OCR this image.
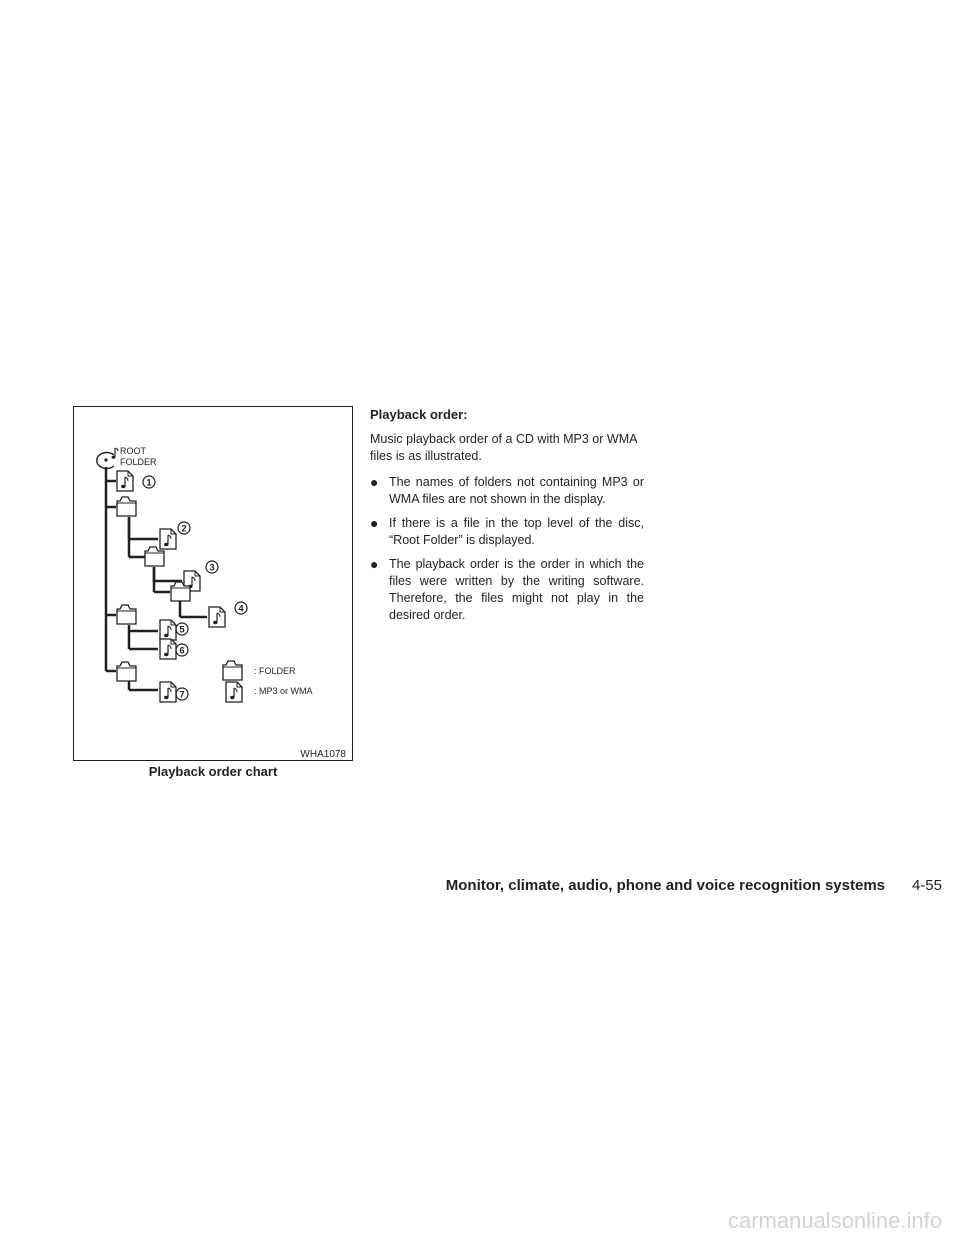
ROOT
FOLDER
1
2
3
4
5
6
7
: FOLDER
: MP3 or WMA
WHA1078
Playback order chart
Playback order:

Music playback order of a CD with MP3 or WMA files is as illustrated.

● The names of folders not containing MP3 or WMA files are not shown in the display.
● If there is a file in the top level of the disc, “Root Folder” is displayed.
● The playback order is the order in which the files were written by the writing software. Therefore, the files might not play in the desired order.
Monitor, climate, audio, phone and voice recognition systems 4-55
carmanualsonline.info
